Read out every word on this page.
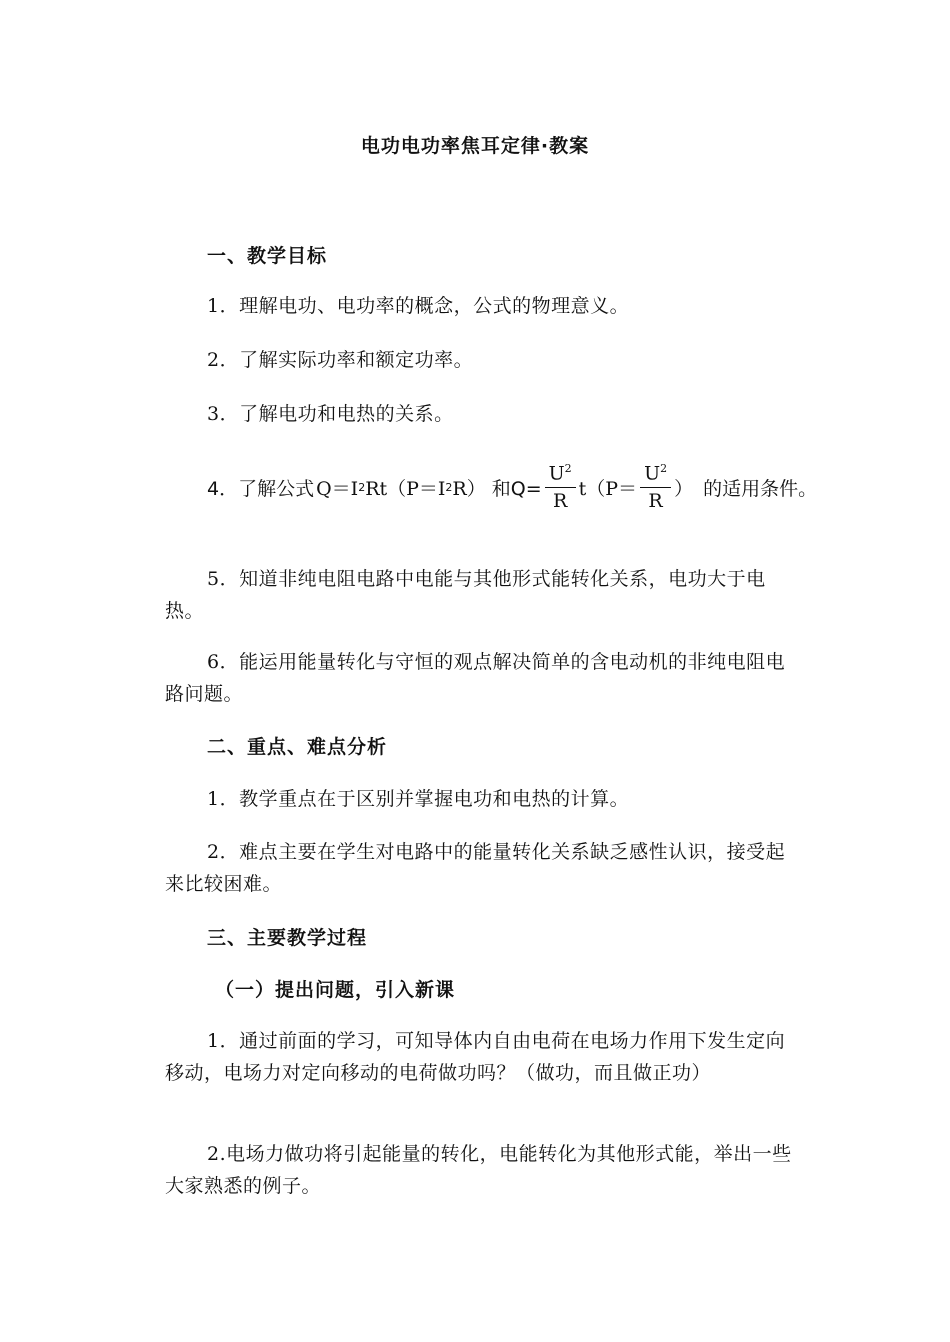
电功电功率焦耳定律·教案
一、教学目标
1．理解电功、电功率的概念，公式的物理意义。
2．了解实际功率和额定功率。
3．了解电功和电热的关系。
4．了解公式 Q＝I 2 Rt（P＝I 2 R） 和$Q= \frac{U^2}{R} t(P= \frac{U^2}{R}$ ） 的适用条件。
5．知道非纯电阻电路中电能与其他形式能转化关系，电功大于电热。
6．能运用能量转化与守恒的观点解决简单的含电动机的非纯电阻电路问题。
二、重点、难点分析
1．教学重点在于区别并掌握电功和电热的计算。
2．难点主要在学生对电路中的能量转化关系缺乏感性认识，接受起来比较困难。
三、主要教学过程
（一）提出问题，引入新课
1．通过前面的学习，可知导体内自由电荷在电场力作用下发生定向移动，电场力对定向移动的电荷做功吗？（做功，而且做正功）
2.电场力做功将引起能量的转化，电能转化为其他形式能，举出一些大家熟悉的例子。
